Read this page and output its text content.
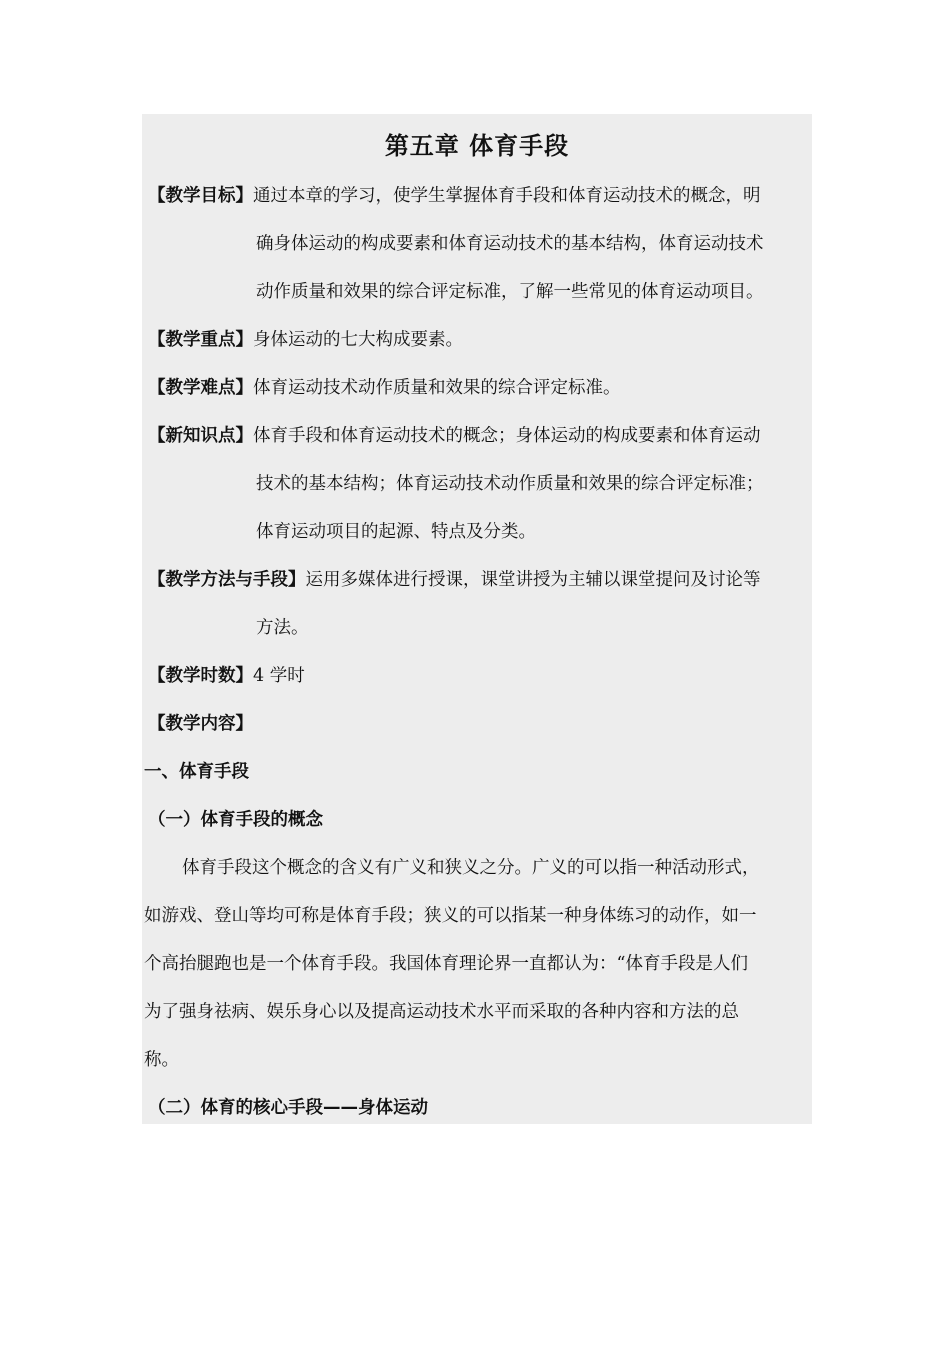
第五章 体育手段
【教学目标】通过本章的学习，使学生掌握体育手段和体育运动技术的概念，明
确身体运动的构成要素和体育运动技术的基本结构，体育运动技术
动作质量和效果的综合评定标准，了解一些常见的体育运动项目。
【教学重点】身体运动的七大构成要素。
【教学难点】体育运动技术动作质量和效果的综合评定标准。
【新知识点】体育手段和体育运动技术的概念；身体运动的构成要素和体育运动
技术的基本结构；体育运动技术动作质量和效果的综合评定标准；
体育运动项目的起源、特点及分类。
【教学方法与手段】运用多媒体进行授课，课堂讲授为主辅以课堂提问及讨论等
方法。
【教学时数】4 学时
【教学内容】
一、体育手段
（一）体育手段的概念
体育手段这个概念的含义有广义和狭义之分。广义的可以指一种活动形式，
如游戏、登山等均可称是体育手段；狭义的可以指某一种身体练习的动作，如一
个高抬腿跑也是一个体育手段。我国体育理论界一直都认为：“体育手段是人们
为了强身祛病、娱乐身心以及提高运动技术水平而采取的各种内容和方法的总
称。
（二）体育的核心手段——身体运动
